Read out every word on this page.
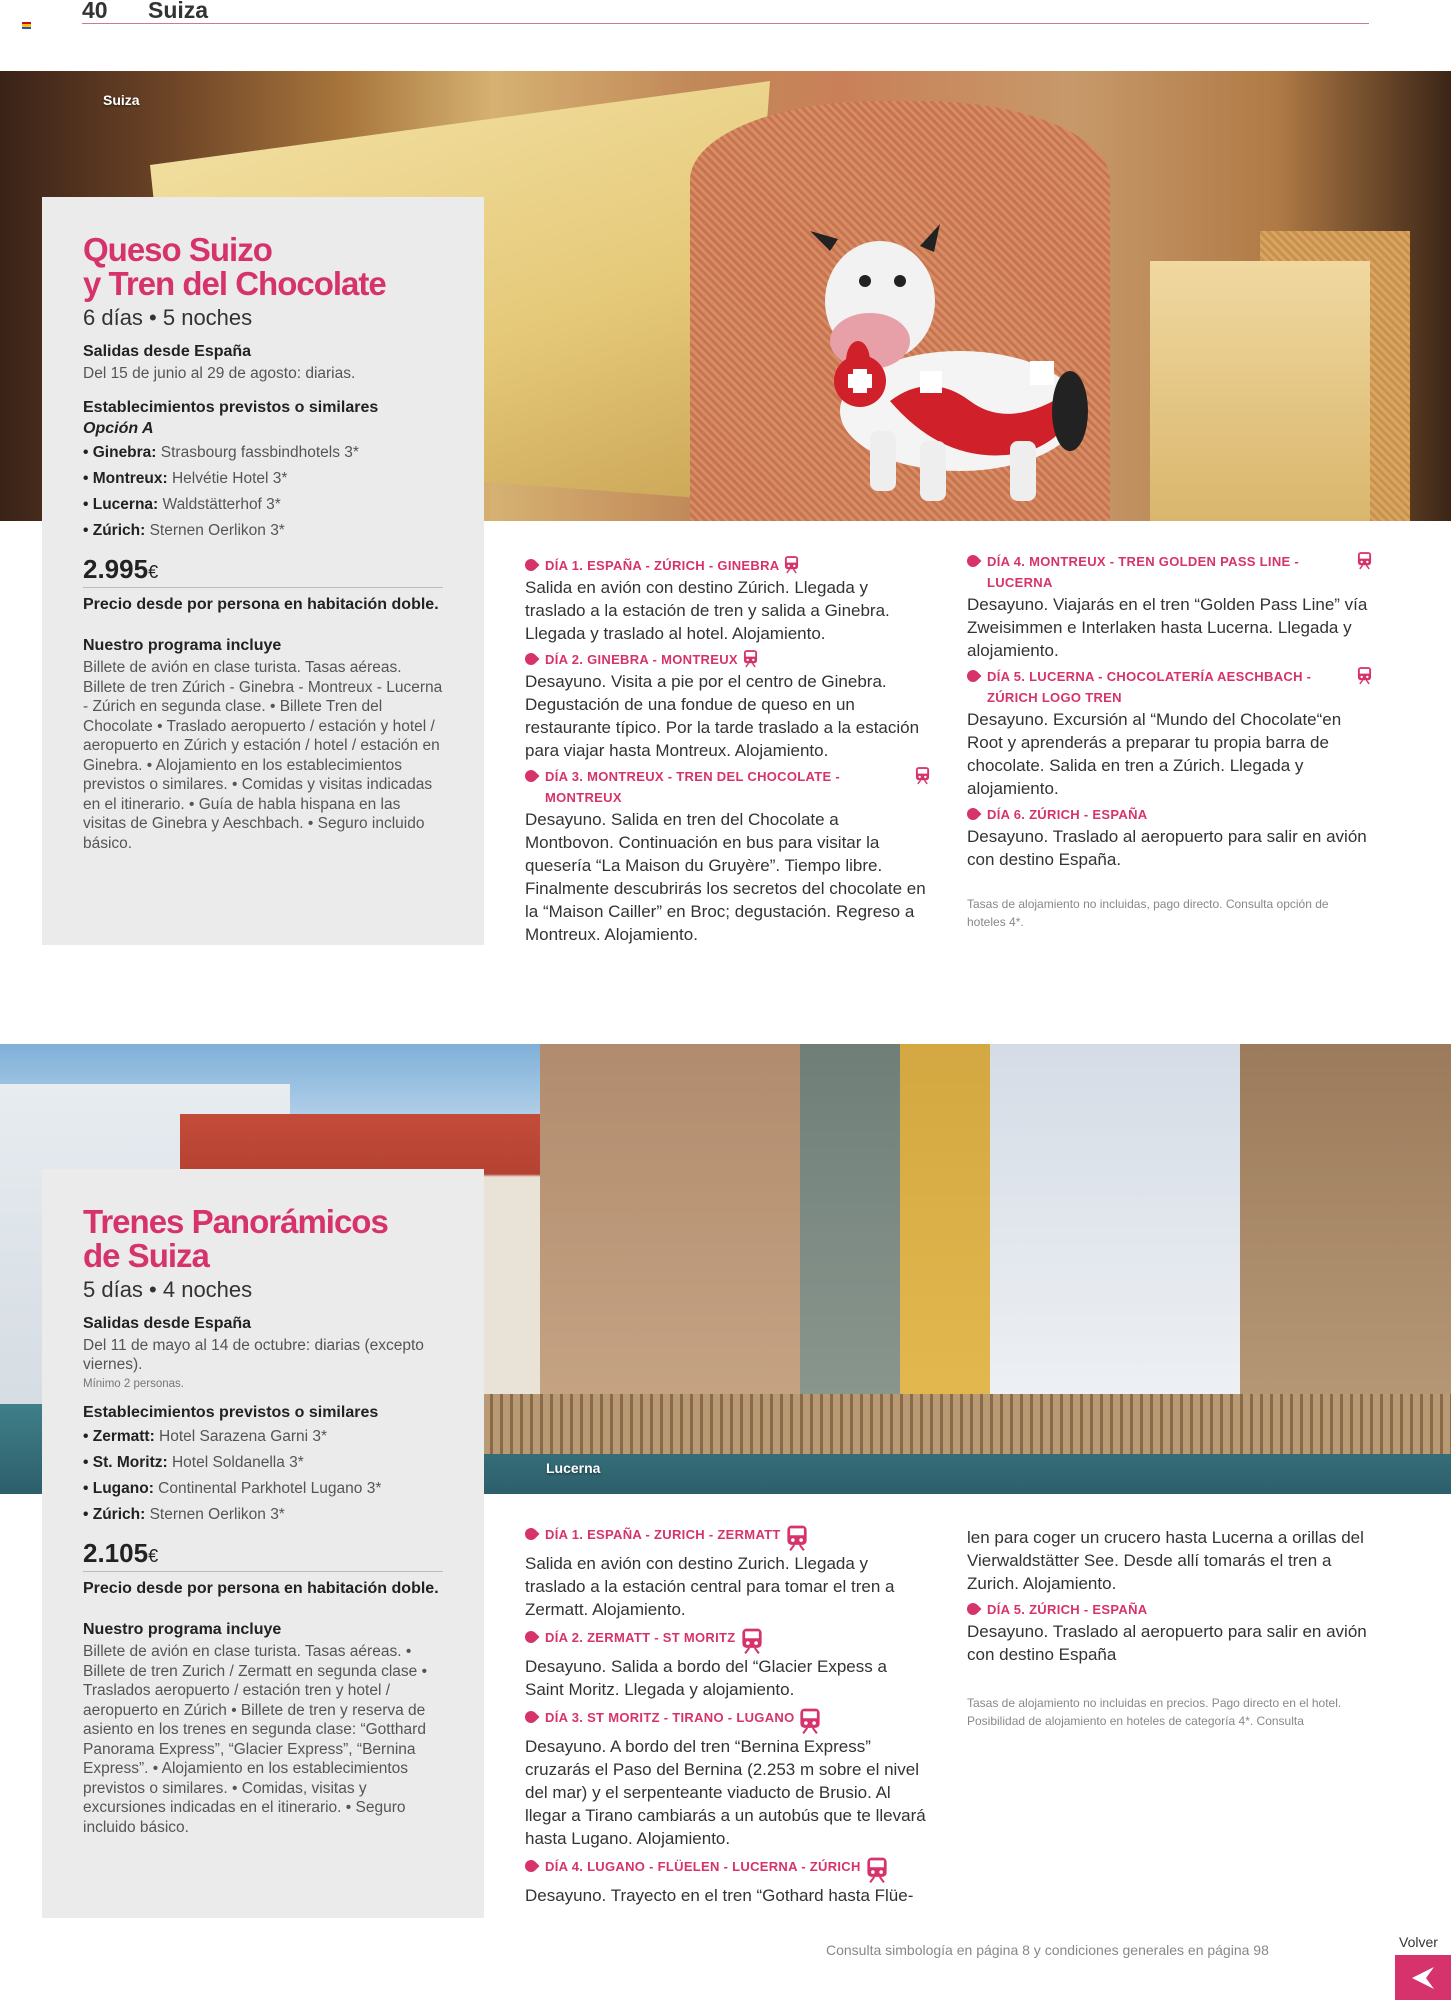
40 Suiza
Suiza
Queso Suizo
y Tren del Chocolate
6 días • 5 noches
Salidas desde España
Del 15 de junio al 29 de agosto: diarias.
Establecimientos previstos o similares
Opción A
• Ginebra: Strasbourg fassbindhotels 3*
• Montreux: Helvétie Hotel 3*
• Lucerna: Waldstätterhof 3*
• Zúrich: Sternen Oerlikon 3*
2.995€
Precio desde por persona en habitación doble.
Nuestro programa incluye
Billete de avión en clase turista. Tasas aéreas. Billete de tren Zúrich - Ginebra - Montreux - Lucerna - Zúrich en segunda clase. • Billete Tren del Chocolate • Traslado aeropuerto / estación y hotel / aeropuerto en Zúrich y estación / hotel / estación en Ginebra. • Alojamiento en los establecimientos previstos o similares. • Comidas y visitas indicadas en el itinerario. • Guía de habla hispana en las visitas de Ginebra y Aeschbach. • Seguro incluido básico.
DÍA 1. ESPAÑA - ZÚRICH - GINEBRA
Salida en avión con destino Zúrich. Llegada y traslado a la estación de tren y salida a Ginebra. Llegada y traslado al hotel. Alojamiento.
DÍA 2. GINEBRA - MONTREUX
Desayuno. Visita a pie por el centro de Ginebra. Degustación de una fondue de queso en un restaurante típico. Por la tarde traslado a la estación para viajar hasta Montreux. Alojamiento.
DÍA 3. MONTREUX - TREN DEL CHOCOLATE - MONTREUX
Desayuno. Salida en tren del Chocolate a Montbovon. Continuación en bus para visitar la quesería “La Maison du Gruyère”. Tiempo libre. Finalmente descubrirás los secretos del chocolate en la “Maison Cailler” en Broc; degustación. Regreso a Montreux. Alojamiento.
DÍA 4. MONTREUX - TREN GOLDEN PASS LINE - LUCERNA
Desayuno. Viajarás en el tren “Golden Pass Line” vía Zweisimmen e Interlaken hasta Lucerna. Llegada y alojamiento.
DÍA 5. LUCERNA - CHOCOLATERÍA AESCHBACH - ZÚRICH LOGO TREN
Desayuno. Excursión al “Mundo del Chocolate“en Root y aprenderás a preparar tu propia barra de chocolate. Salida en tren a Zúrich. Llegada y alojamiento.
DÍA 6. ZÚRICH - ESPAÑA
Desayuno. Traslado al aeropuerto para salir en avión con destino España.
Tasas de alojamiento no incluidas, pago directo. Consulta opción de hoteles 4*.
Lucerna
Trenes Panorámicos
de Suiza
5 días • 4 noches
Salidas desde España
Del 11 de mayo al 14 de octubre: diarias (excepto viernes).
Mínimo 2 personas.
Establecimientos previstos o similares
• Zermatt: Hotel Sarazena Garni 3*
• St. Moritz: Hotel Soldanella 3*
• Lugano: Continental Parkhotel Lugano 3*
• Zúrich: Sternen Oerlikon 3*
2.105€
Precio desde por persona en habitación doble.
Nuestro programa incluye
Billete de avión en clase turista. Tasas aéreas. • Billete de tren Zurich / Zermatt en segunda clase • Traslados aeropuerto / estación tren y hotel / aeropuerto en Zúrich • Billete de tren y reserva de asiento en los trenes en segunda clase: “Gotthard Panorama Express”, “Glacier Express”, “Bernina Express”. • Alojamiento en los establecimientos previstos o similares. • Comidas, visitas y excursiones indicadas en el itinerario. • Seguro incluido básico.
DÍA 1. ESPAÑA - ZURICH - ZERMATT
Salida en avión con destino Zurich. Llegada y traslado a la estación central para tomar el tren a Zermatt. Alojamiento.
DÍA 2. ZERMATT - ST MORITZ
Desayuno. Salida a bordo del “Glacier Expess a Saint Moritz. Llegada y alojamiento.
DÍA 3. ST MORITZ - TIRANO - LUGANO
Desayuno. A bordo del tren “Bernina Express” cruzarás el Paso del Bernina (2.253 m sobre el nivel del mar) y el serpenteante viaducto de Brusio. Al llegar a Tirano cambiarás a un autobús que te llevará hasta Lugano. Alojamiento.
DÍA 4. LUGANO - FLÜELEN - LUCERNA - ZÚRICH
Desayuno. Trayecto en el tren “Gothard hasta Flüe-
len para coger un crucero hasta Lucerna a orillas del Vierwaldstätter See. Desde allí tomarás el tren a Zurich. Alojamiento.
DÍA 5. ZÚRICH - ESPAÑA
Desayuno. Traslado al aeropuerto para salir en avión con destino España
Tasas de alojamiento no incluidas en precios. Pago directo en el hotel. Posibilidad de alojamiento en hoteles de categoría 4*. Consulta
Consulta simbología en página 8 y condiciones generales en página 98	Volver
